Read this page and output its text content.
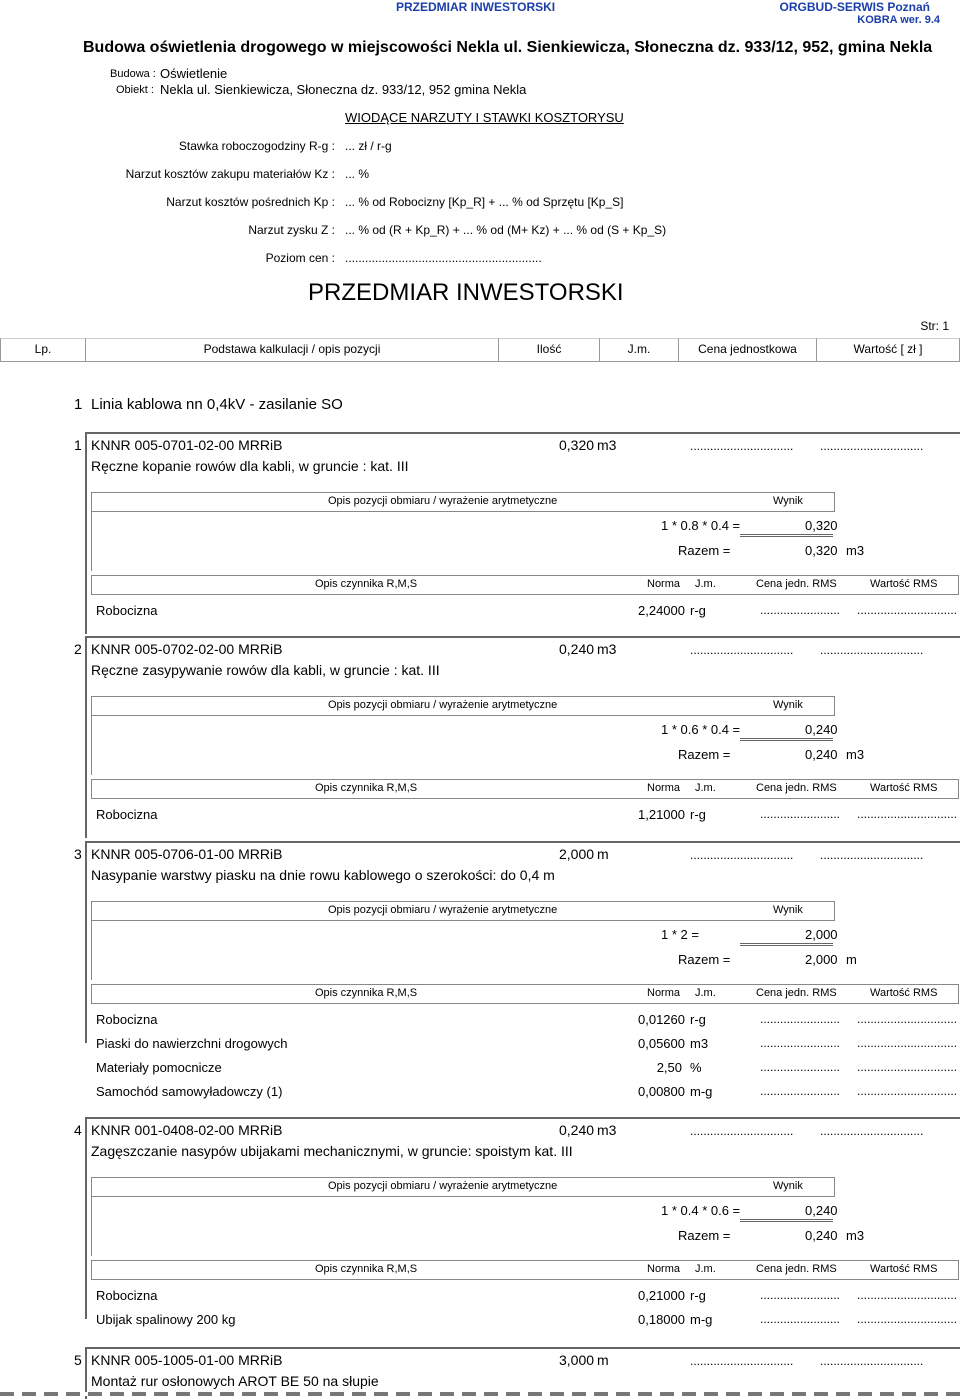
PRZEDMIAR INWESTORSKI	ORGBUD-SERWIS Poznań
KOBRA wer. 9.4
Budowa oświetlenia drogowego w miejscowości Nekla ul. Sienkiewicza, Słoneczna dz. 933/12, 952, gmina Nekla
Budowa : Oświetlenie
Obiekt : Nekla ul. Sienkiewicza, Słoneczna dz. 933/12, 952 gmina Nekla
WIODĄCE NARZUTY I STAWKI KOSZTORYSU
Stawka roboczogodziny R-g : ... zł / r-g
Narzut kosztów zakupu materiałów Kz : ... %
Narzut kosztów pośrednich Kp : ... % od Robocizny [Kp_R] + ... % od Sprzętu [Kp_S]
Narzut zysku Z : ... % od (R + Kp_R) + ... % od (M+ Kz) + ... % od (S + Kp_S)
Poziom cen : ...........................................................
PRZEDMIAR INWESTORSKI
Str: 1
Lp.	Podstawa kalkulacji / opis pozycji	Ilość	J.m.	Cena jednostkowa	Wartość [ zł ]
1 Linia kablowa nn 0,4kV - zasilanie SO
1 KNNR 005-0701-02-00 MRRiB	0,320 m3	............................... ...............................
Ręczne kopanie rowów dla kabli, w gruncie : kat. III
Opis pozycji obmiaru / wyrażenie arytmetyczne	Wynik
1 * 0.8 * 0.4 =	0,320
Razem =	0,320 m3
Opis czynnika R,M,S	Norma J.m.	Cena jedn. RMS	Wartość RMS
Robocizna	2,24000 r-g	........................ ..............................
2 KNNR 005-0702-02-00 MRRiB	0,240 m3	............................... ...............................
Ręczne zasypywanie rowów dla kabli, w gruncie : kat. III
Opis pozycji obmiaru / wyrażenie arytmetyczne	Wynik
1 * 0.6 * 0.4 =	0,240
Razem =	0,240 m3
Opis czynnika R,M,S	Norma J.m.	Cena jedn. RMS	Wartość RMS
Robocizna	1,21000 r-g	........................ ..............................
3 KNNR 005-0706-01-00 MRRiB	2,000 m	............................... ...............................
Nasypanie warstwy piasku na dnie rowu kablowego o szerokości: do 0,4 m
Opis pozycji obmiaru / wyrażenie arytmetyczne	Wynik
1 * 2 =	2,000
Razem =	2,000 m
Opis czynnika R,M,S	Norma J.m.	Cena jedn. RMS	Wartość RMS
Robocizna	0,01260 r-g	........................ ..............................
Piaski do nawierzchni drogowych	0,05600 m3	........................ ..............................
Materiały pomocnicze	2,50 %	........................ ..............................
Samochód samowyładowczy (1)	0,00800 m-g	........................ ..............................
4 KNNR 001-0408-02-00 MRRiB	0,240 m3	............................... ...............................
Zagęszczanie nasypów ubijakami mechanicznymi, w gruncie: spoistym kat. III
Opis pozycji obmiaru / wyrażenie arytmetyczne	Wynik
1 * 0.4 * 0.6 =	0,240
Razem =	0,240 m3
Opis czynnika R,M,S	Norma J.m.	Cena jedn. RMS	Wartość RMS
Robocizna	0,21000 r-g	........................ ..............................
Ubijak spalinowy 200 kg	0,18000 m-g	........................ ..............................
5 KNNR 005-1005-01-00 MRRiB	3,000 m	............................... ...............................
Montaż rur osłonowych AROT BE 50 na słupie
